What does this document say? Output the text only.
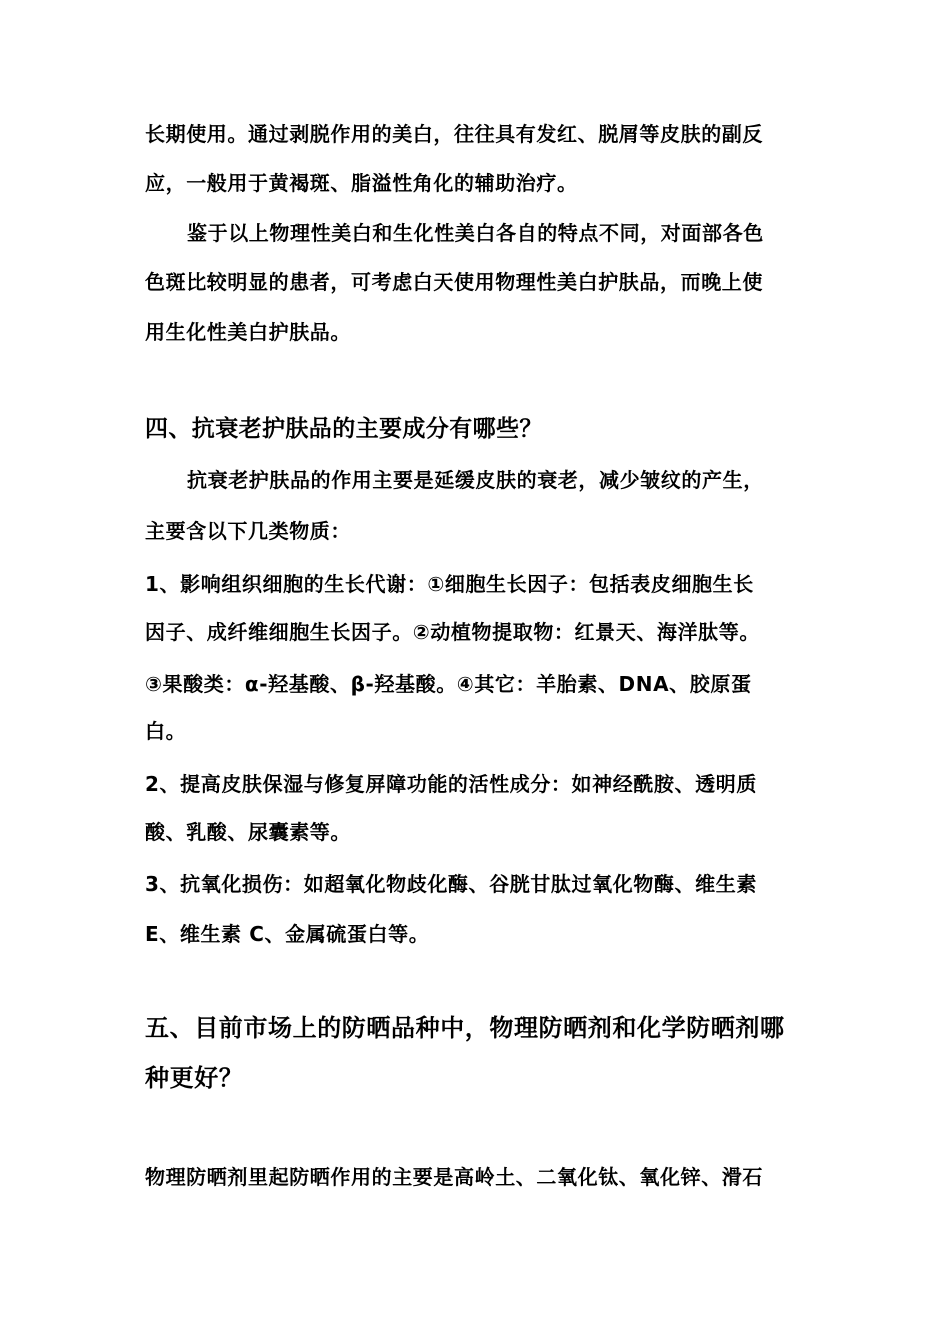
长期使用。通过剥脱作用的美白，往往具有发红、脱屑等皮肤的副反
应，一般用于黄褐斑、脂溢性角化的辅助治疗。
鉴于以上物理性美白和生化性美白各自的特点不同，对面部各色
色斑比较明显的患者，可考虑白天使用物理性美白护肤品，而晚上使
用生化性美白护肤品。
四、抗衰老护肤品的主要成分有哪些？
抗衰老护肤品的作用主要是延缓皮肤的衰老，减少皱纹的产生，
主要含以下几类物质：
1、影响组织细胞的生长代谢：①细胞生长因子：包括表皮细胞生长
因子、成纤维细胞生长因子。②动植物提取物：红景天、海洋肽等。
③果酸类：α-羟基酸、β-羟基酸。④其它：羊胎素、DNA、胶原蛋
白。
2、提高皮肤保湿与修复屏障功能的活性成分：如神经酰胺、透明质
酸、乳酸、尿囊素等。
3、抗氧化损伤：如超氧化物歧化酶、谷胱甘肽过氧化物酶、维生素
E、维生素 C、金属硫蛋白等。
五、目前市场上的防晒品种中，物理防晒剂和化学防晒剂哪
种更好？
物理防晒剂里起防晒作用的主要是高岭土、二氧化钛、氧化锌、滑石
